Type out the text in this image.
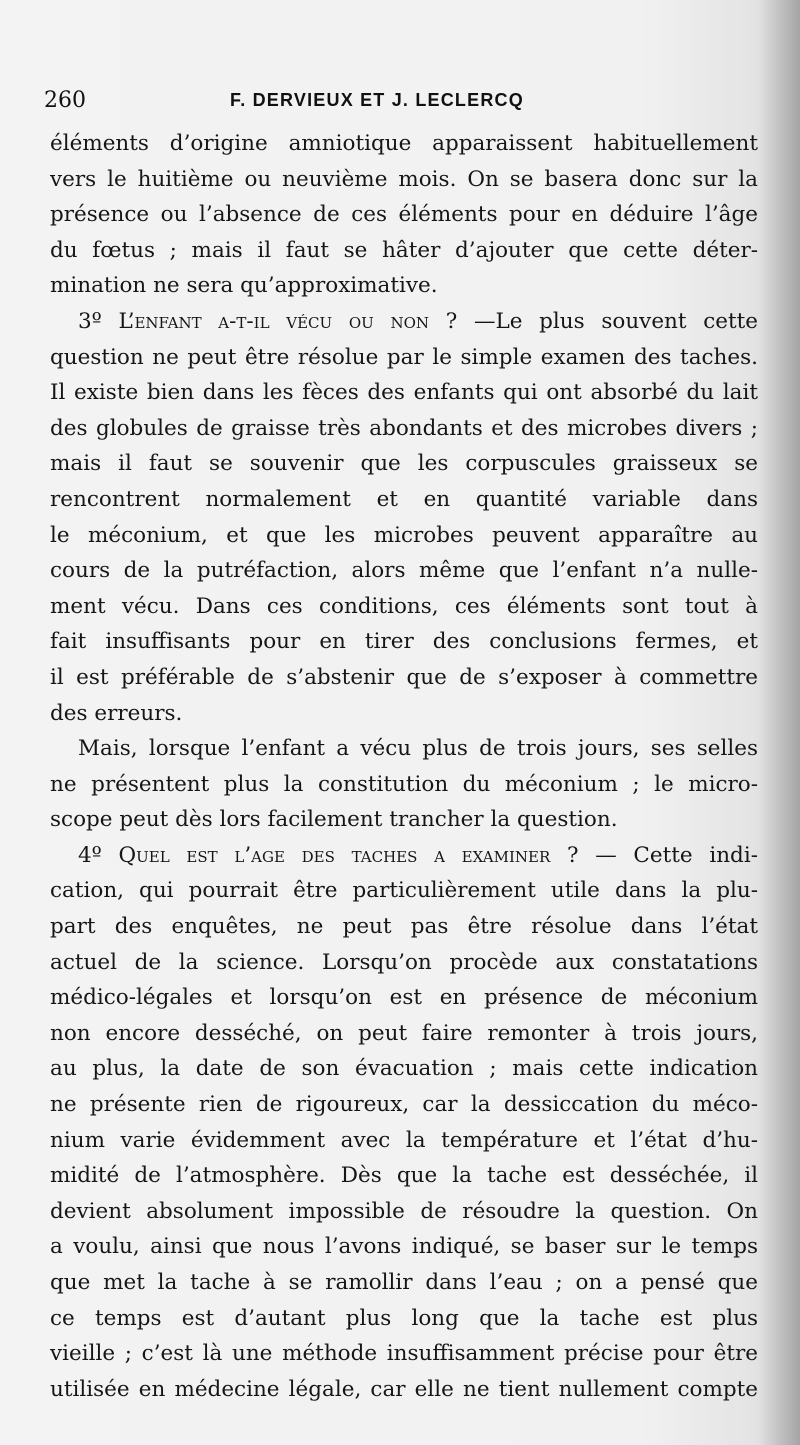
260	F. DERVIEUX ET J. LECLERCQ
éléments d’origine amniotique apparaissent habituellement
vers le huitième ou neuvième mois. On se basera donc sur la
présence ou l’absence de ces éléments pour en déduire l’âge
du fœtus ; mais il faut se hâter d’ajouter que cette déter-
mination ne sera qu’approximative.
3º L’enfant a-t-il vécu ou non ? —Le plus souvent cette
question ne peut être résolue par le simple examen des taches.
Il existe bien dans les fèces des enfants qui ont absorbé du lait
des globules de graisse très abondants et des microbes divers ;
mais il faut se souvenir que les corpuscules graisseux se
rencontrent normalement et en quantité variable dans
le méconium, et que les microbes peuvent apparaître au
cours de la putréfaction, alors même que l’enfant n’a nulle-
ment vécu. Dans ces conditions, ces éléments sont tout à
fait insuffisants pour en tirer des conclusions fermes, et
il est préférable de s’abstenir que de s’exposer à commettre
des erreurs.
Mais, lorsque l’enfant a vécu plus de trois jours, ses selles
ne présentent plus la constitution du méconium ; le micro-
scope peut dès lors facilement trancher la question.
4º Quel est l’age des taches a examiner ? — Cette indi-
cation, qui pourrait être particulièrement utile dans la plu-
part des enquêtes, ne peut pas être résolue dans l’état
actuel de la science. Lorsqu’on procède aux constatations
médico-légales et lorsqu’on est en présence de méconium
non encore desséché, on peut faire remonter à trois jours,
au plus, la date de son évacuation ; mais cette indication
ne présente rien de rigoureux, car la dessiccation du méco-
nium varie évidemment avec la température et l’état d’hu-
midité de l’atmosphère. Dès que la tache est desséchée, il
devient absolument impossible de résoudre la question. On
a voulu, ainsi que nous l’avons indiqué, se baser sur le temps
que met la tache à se ramollir dans l’eau ; on a pensé que
ce temps est d’autant plus long que la tache est plus
vieille ; c’est là une méthode insuffisamment précise pour être
utilisée en médecine légale, car elle ne tient nullement compte
